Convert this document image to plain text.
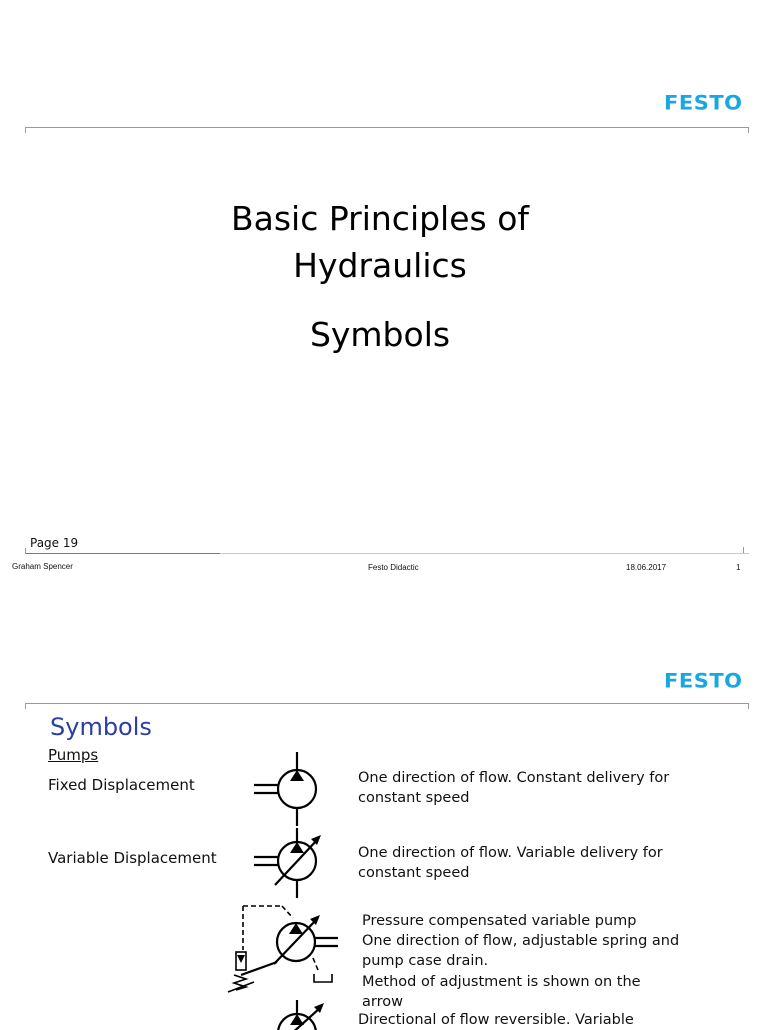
FESTO
Basic Principles of
Hydraulics
Symbols
Page 19
Graham Spencer	Festo Didactic	18.06.2017	1
FESTO
Symbols
Pumps
Fixed Displacement	One direction of flow. Constant delivery for
constant speed
Variable Displacement	One direction of flow. Variable delivery for
constant speed
Pressure compensated variable pump
One direction of flow, adjustable spring and
pump case drain.
Method of adjustment is shown on the
arrow
Directional of flow reversible. Variable
